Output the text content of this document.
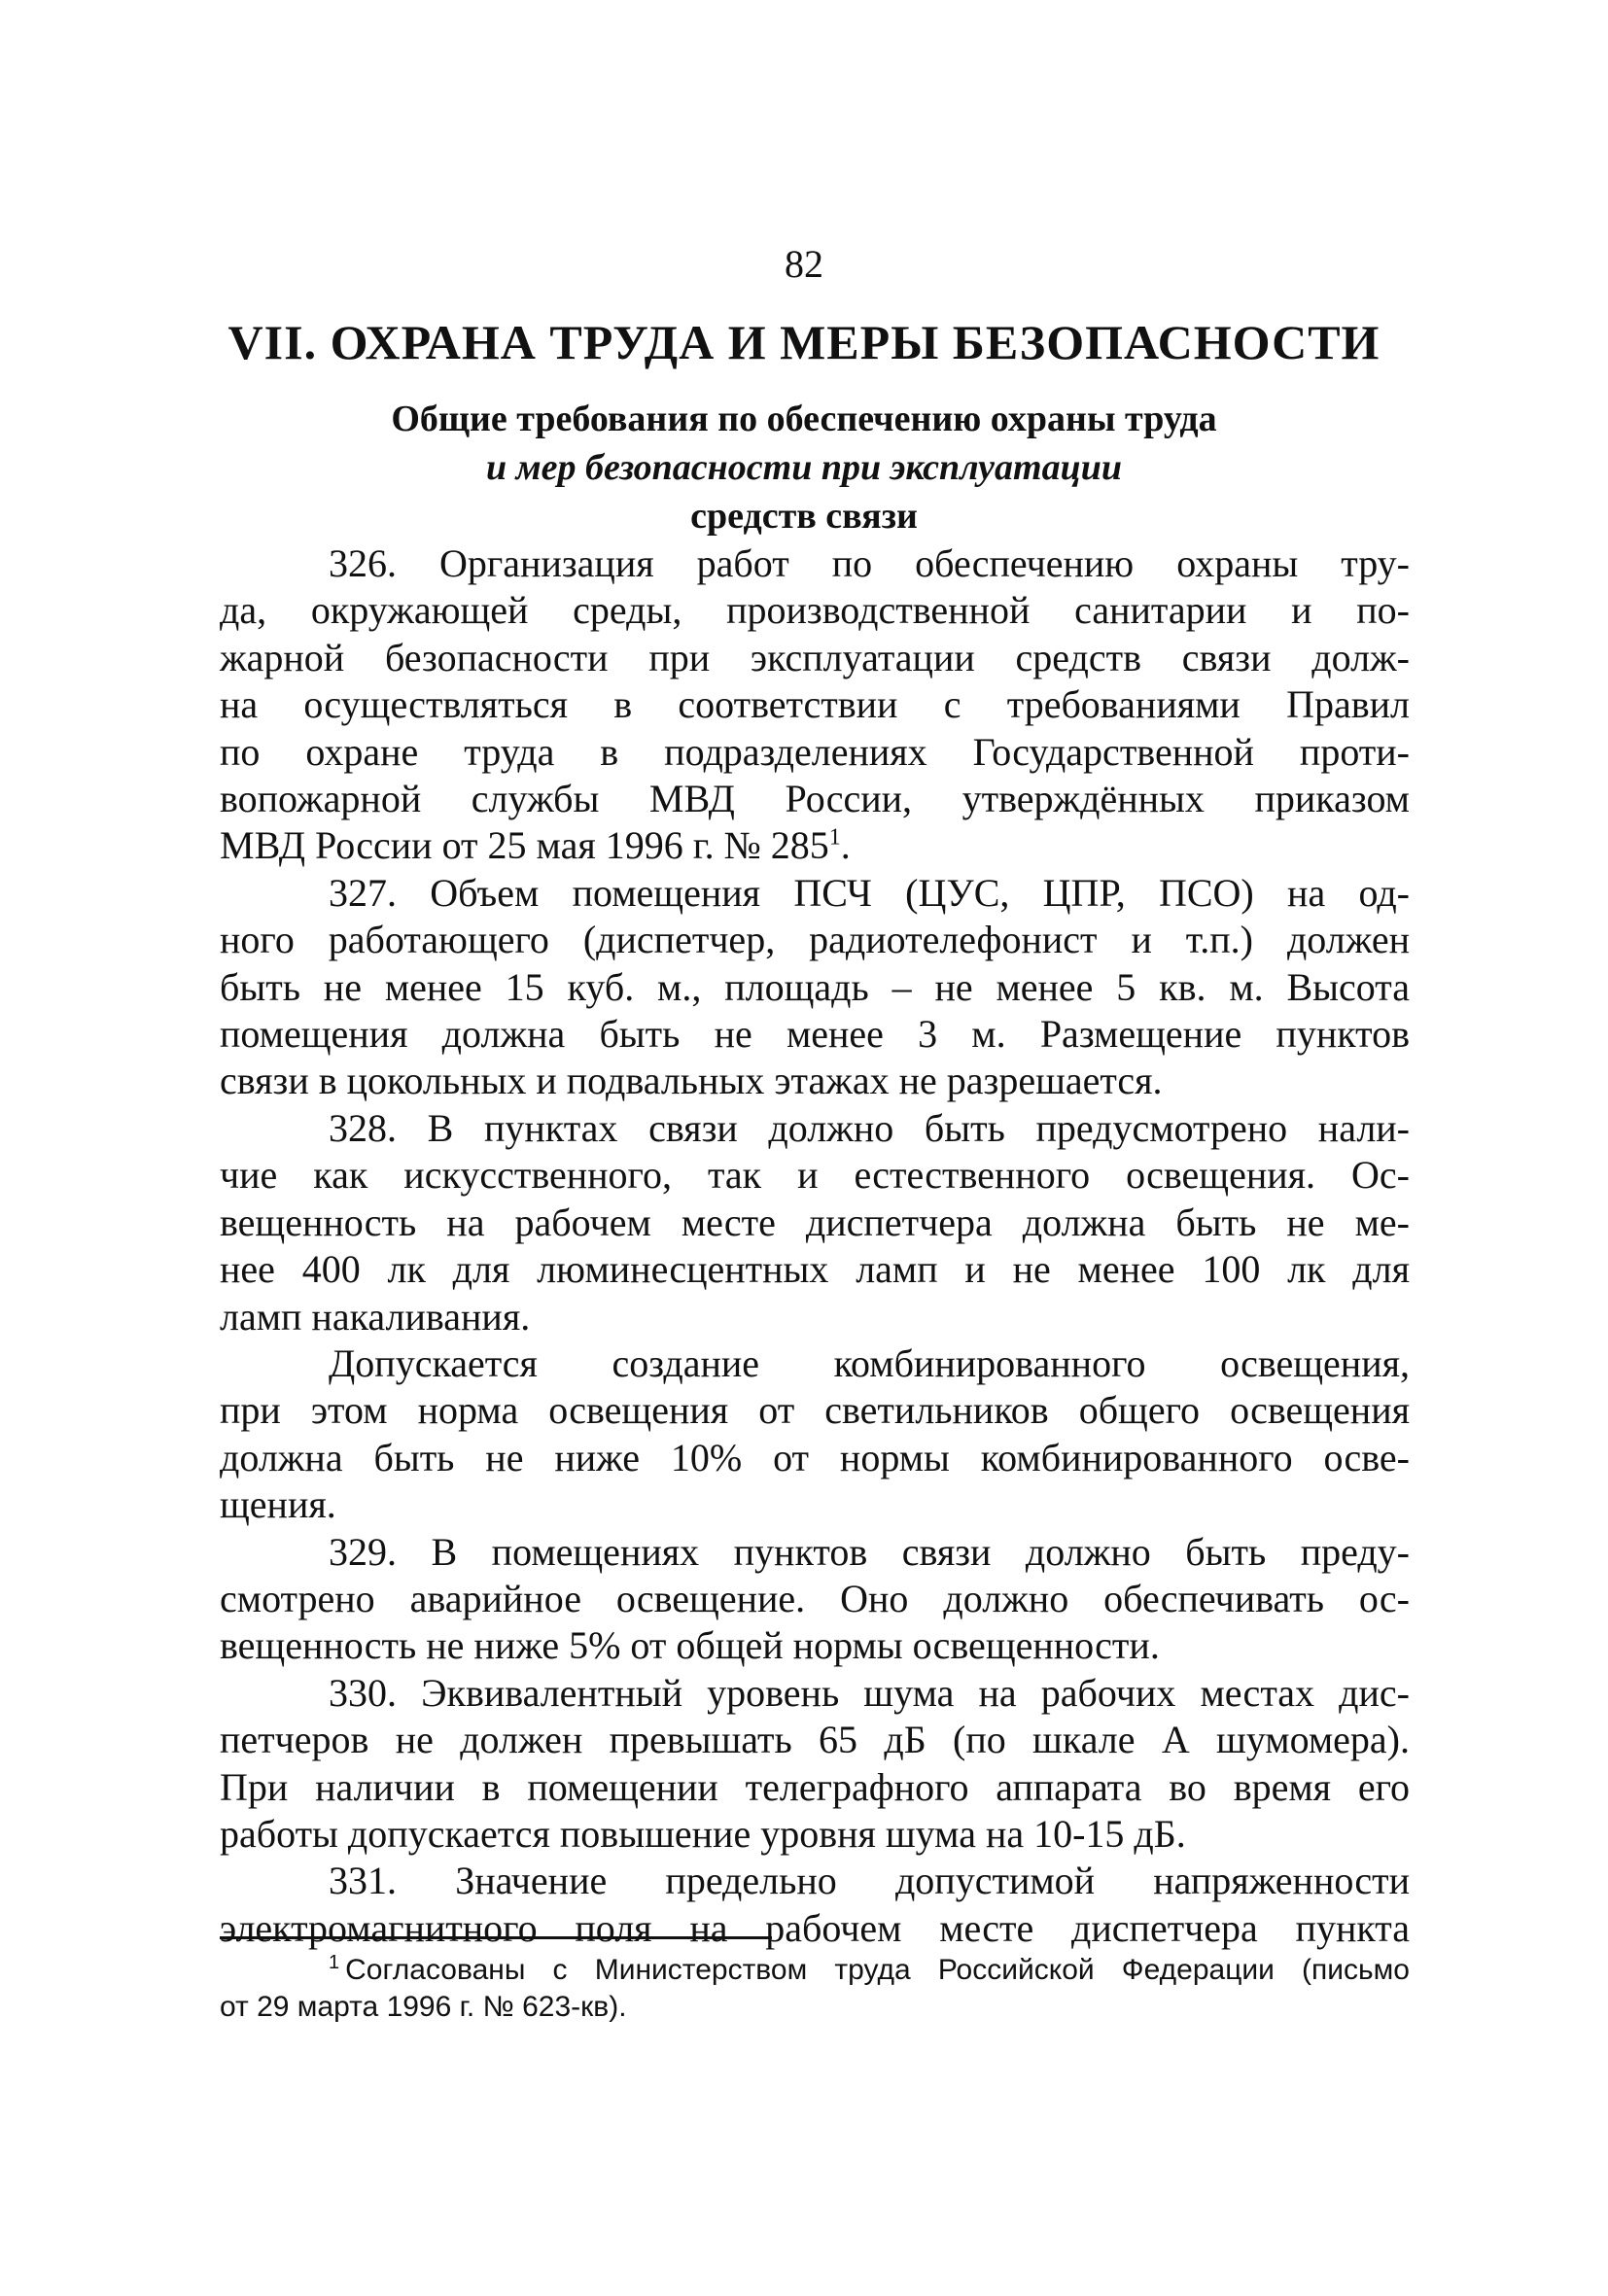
82
VII. ОХРАНА ТРУДА И МЕРЫ БЕЗОПАСНОСТИ
Общие требования по обеспечению охраны труда
и мер безопасности при эксплуатации
средств связи

326. Организация работ по обеспечению охраны тру-
да, окружающей среды, производственной санитарии и по-
жарной безопасности при эксплуатации средств связи долж-
на осуществляться в соответствии с требованиями Правил
по охране труда в подразделениях Государственной проти-
вопожарной службы МВД России, утверждённых приказом
МВД России от 25 мая 1996 г. № 285$^1$.

327. Объем помещения ПСЧ (ЦУС, ЦПР, ПСО) на од-
ного работающего (диспетчер, радиотелефонист и т.п.) должен
быть не менее 15 куб. м., площадь – не менее 5 кв. м. Высота
помещения должна быть не менее 3 м. Размещение пунктов
связи в цокольных и подвальных этажах не разрешается.

328. В пунктах связи должно быть предусмотрено нали-
чие как искусственного, так и естественного освещения. Ос-
вещенность на рабочем месте диспетчера должна быть не ме-
нее 400 лк для люминесцентных ламп и не менее 100 лк для
ламп накаливания.

Допускается создание комбинированного освещения,
при этом норма освещения от светильников общего освещения
должна быть не ниже 10% от нормы комбинированного осве-
щения.

329. В помещениях пунктов связи должно быть преду-
смотрено аварийное освещение. Оно должно обеспечивать ос-
вещенность не ниже 5% от общей нормы освещенности.

330. Эквивалентный уровень шума на рабочих местах дис-
петчеров не должен превышать 65 дБ (по шкале А шумомера).
При наличии в помещении телеграфного аппарата во время его
работы допускается повышение уровня шума на 10-15 дБ.

331. Значение предельно допустимой напряженности
электромагнитного поля на рабочем месте диспетчера пункта

$^1$ Согласованы с Министерством труда Российской Федерации (письмо
от 29 марта 1996 г. № 623-кв).
